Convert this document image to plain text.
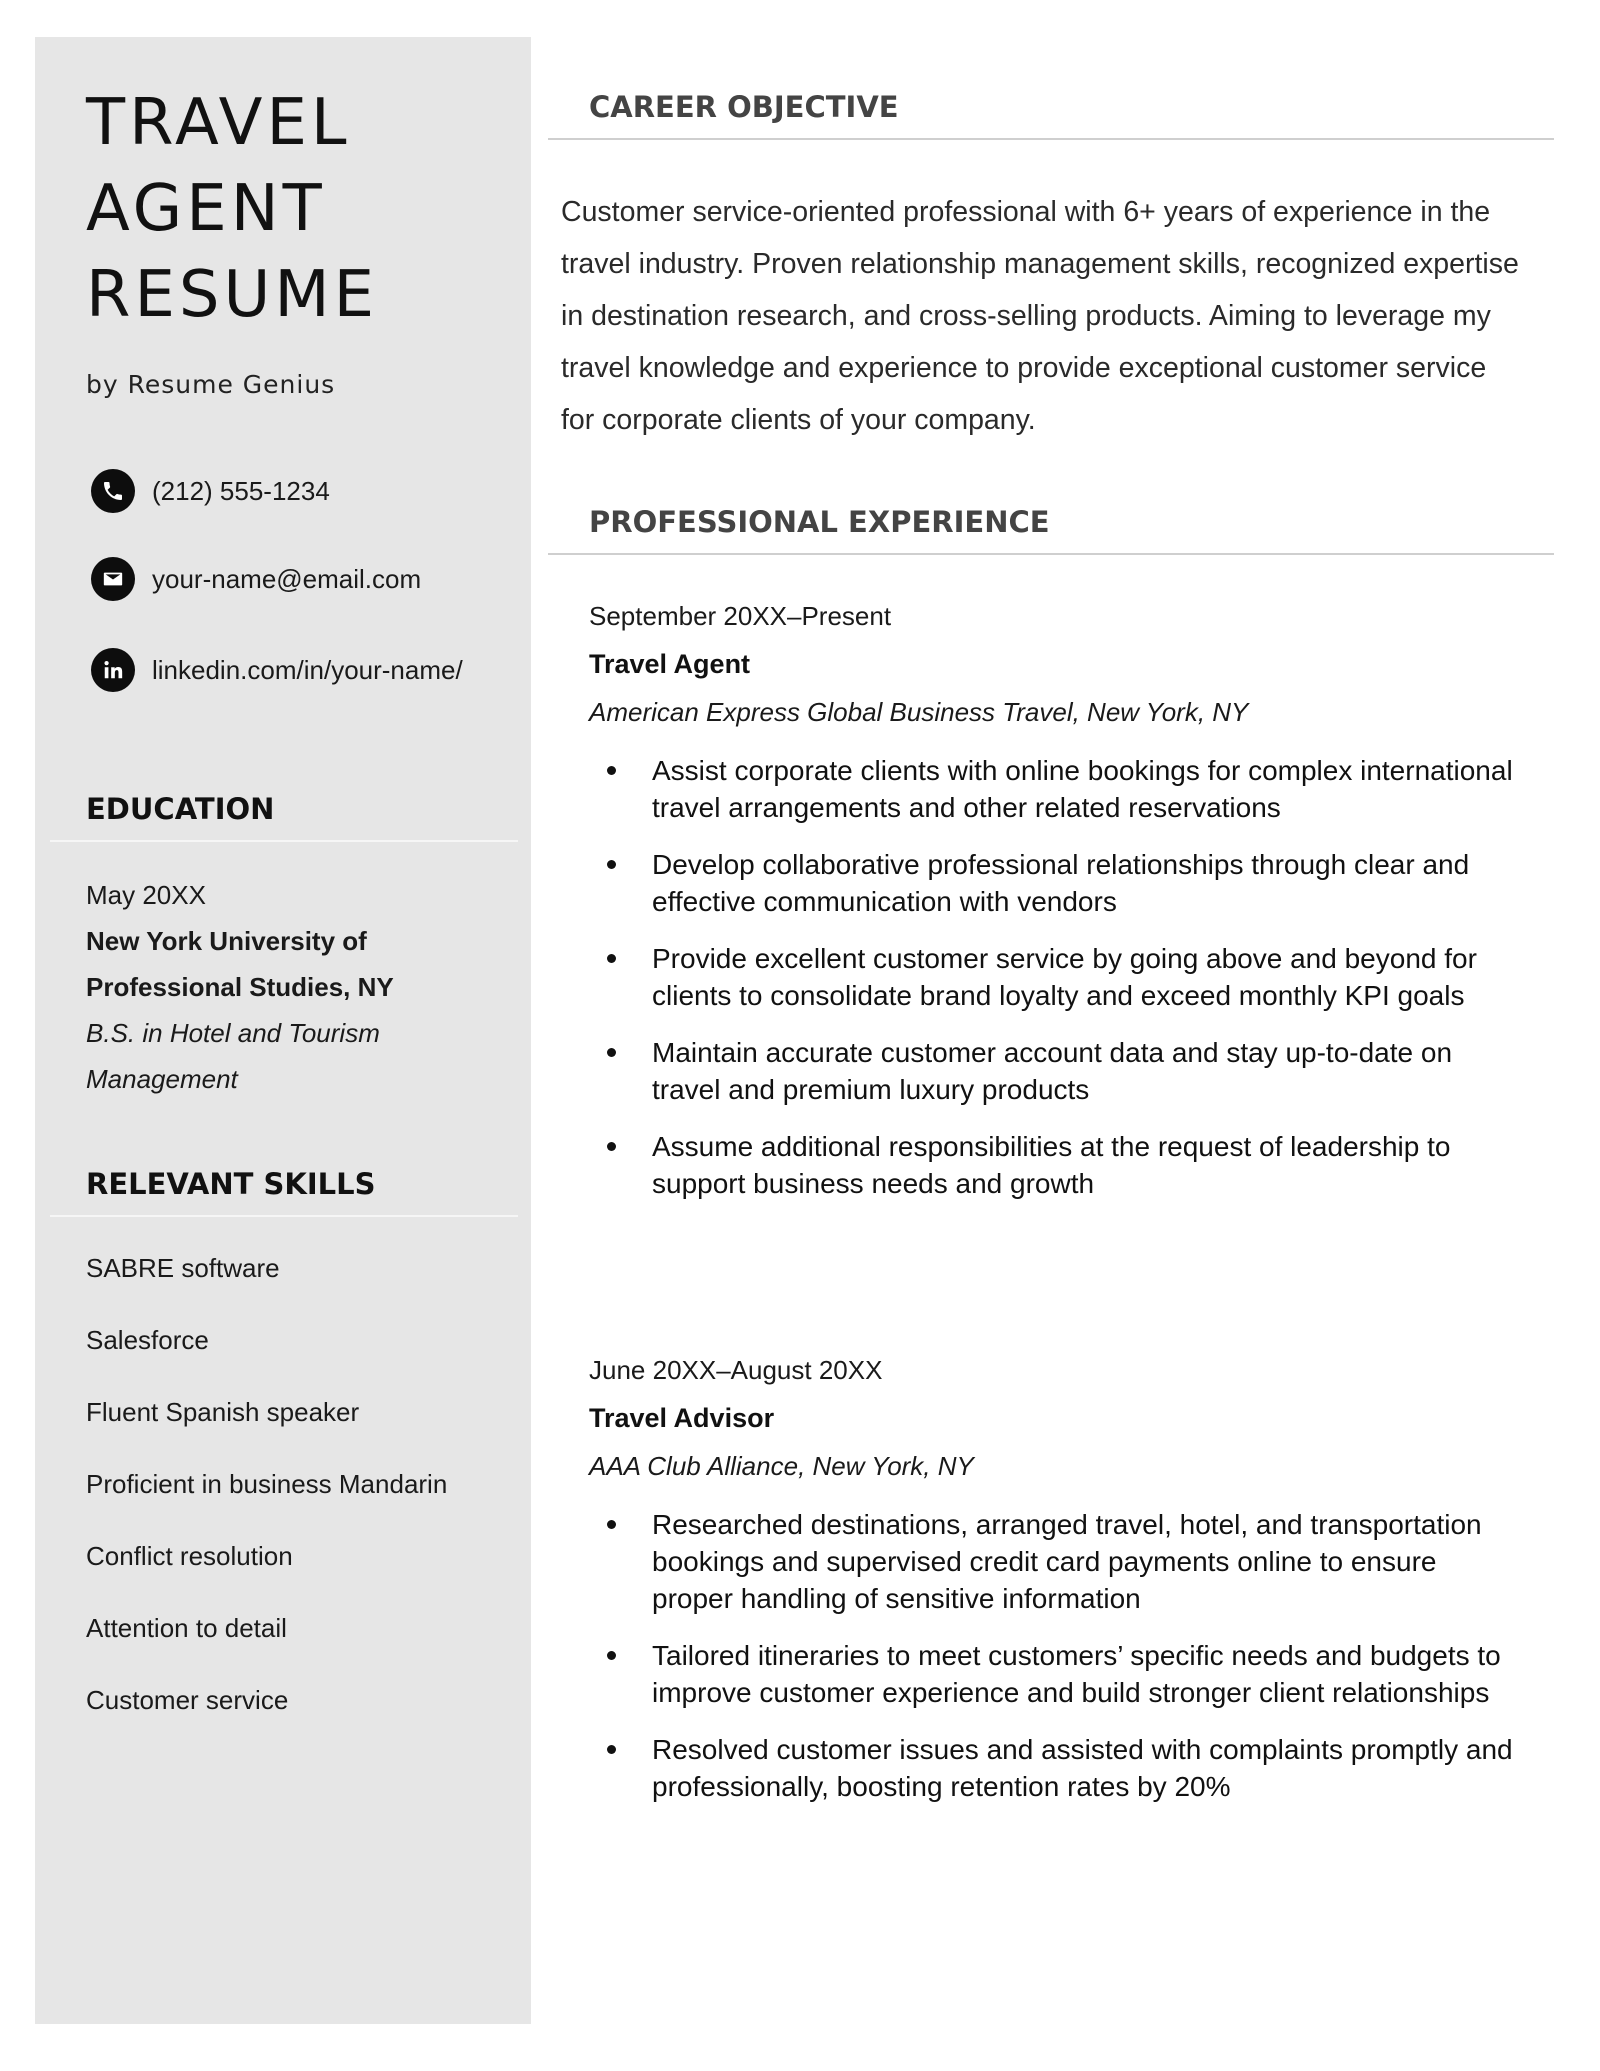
TRAVEL
AGENT
RESUME
by Resume Genius
(212) 555-1234
your-name@email.com
linkedin.com/in/your-name/
EDUCATION
May 20XX
New York University of
Professional Studies, NY
B.S. in Hotel and Tourism
Management
RELEVANT SKILLS
SABRE software
Salesforce
Fluent Spanish speaker
Proficient in business Mandarin
Conflict resolution
Attention to detail
Customer service
CAREER OBJECTIVE

Customer service-oriented professional with 6+ years of experience in the travel industry. Proven relationship management skills, recognized expertise in destination research, and cross-selling products. Aiming to leverage my travel knowledge and experience to provide exceptional customer service for corporate clients of your company.

PROFESSIONAL EXPERIENCE
September 20XX–Present
Travel Agent
American Express Global Business Travel, New York, NY
Assist corporate clients with online bookings for complex international travel arrangements and other related reservations
Develop collaborative professional relationships through clear and effective communication with vendors
Provide excellent customer service by going above and beyond for clients to consolidate brand loyalty and exceed monthly KPI goals
Maintain accurate customer account data and stay up-to-date on travel and premium luxury products
Assume additional responsibilities at the request of leadership to support business needs and growth
June 20XX–August 20XX
Travel Advisor
AAA Club Alliance, New York, NY
Researched destinations, arranged travel, hotel, and transportation bookings and supervised credit card payments online to ensure proper handling of sensitive information
Tailored itineraries to meet customers’ specific needs and budgets to improve customer experience and build stronger client relationships
Resolved customer issues and assisted with complaints promptly and professionally, boosting retention rates by 20%
